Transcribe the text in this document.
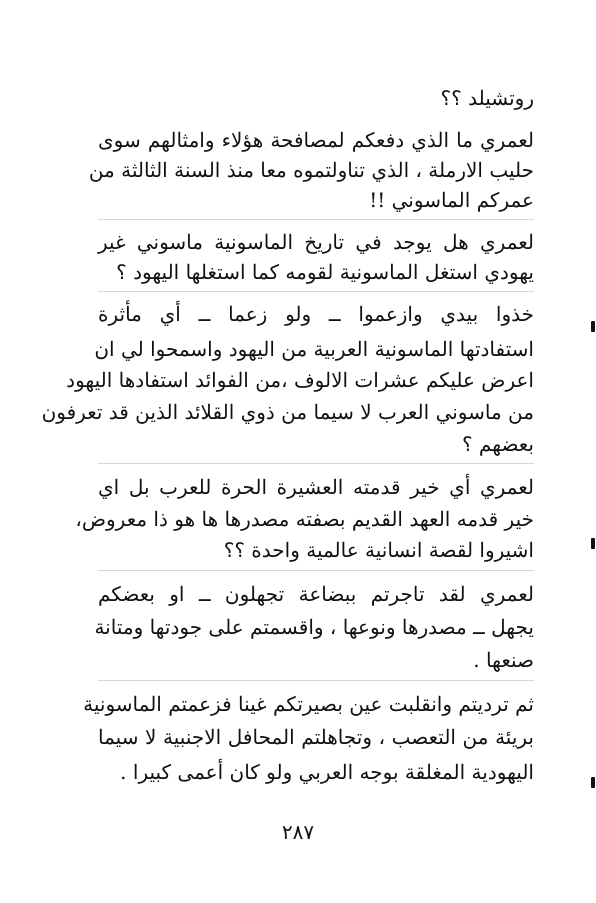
روتشيلد ؟؟
لعمري ما الذي دفعكم لمصافحة هؤلاء وامثالهم سوى
حليب الارملة ، الذي تناولتموه معا منذ السنة الثالثة من
عمركم الماسوني !!
لعمري هل يوجد في تاريخ الماسونية ماسوني غير
يهودي استغل الماسونية لقومه كما استغلها اليهود ؟
خذوا بيدي وازعموا ــ ولو زعما ــ أي مأثرة
استفادتها الماسونية العربية من اليهود واسمحوا لي ان
اعرض عليكم عشرات الالوف ،من الفوائد استفادها اليهود
من ماسوني العرب لا سيما من ذوي القلائد الذين قد تعرفون
بعضهم ؟
لعمري أي خير قدمته العشيرة الحرة للعرب بل اي
خير قدمه العهد القديم بصفته مصدرها ها هو ذا معروض،
اشيروا لقصة انسانية عالمية واحدة ؟؟
لعمري لقد تاجرتم ببضاعة تجهلون ــ او بعضكم
يجهل ــ مصدرها ونوعها ، واقسمتم على جودتها ومتانة
صنعها .
ثم ترديتم وانقلبت عين بصيرتكم غينا فزعمتم الماسونية
بريئة من التعصب ، وتجاهلتم المحافل الاجنبية لا سيما
اليهودية المغلقة بوجه العربي ولو كان أعمى كبيرا .
٢٨٧
